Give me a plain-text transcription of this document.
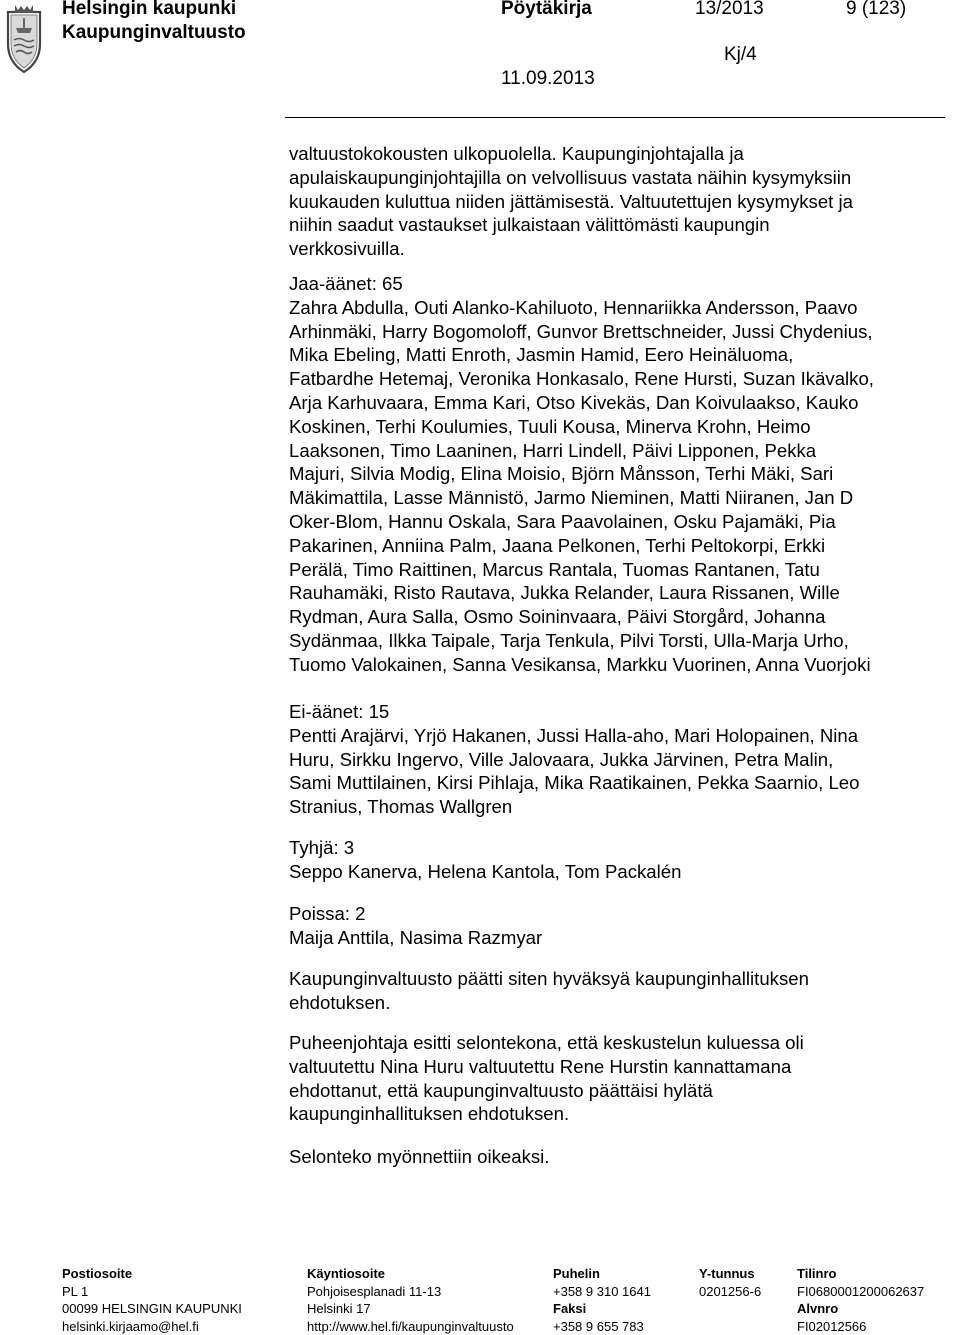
Helsingin kaupunki
Kaupunginvaltuusto
Pöytäkirja	13/2013	9 (123)
Kj/4
11.09.2013

valtuustokokousten ulkopuolella. Kaupunginjohtajalla ja

apulaiskaupunginjohtajilla on velvollisuus vastata näihin kysymyksiin

kuukauden kuluttua niiden jättämisestä. Valtuutettujen kysymykset ja

niihin saadut vastaukset julkaistaan välittömästi kaupungin

verkkosivuilla.

Jaa-äänet: 65

Zahra Abdulla, Outi Alanko-Kahiluoto, Hennariikka Andersson, Paavo

Arhinmäki, Harry Bogomoloff, Gunvor Brettschneider, Jussi Chydenius,

Mika Ebeling, Matti Enroth, Jasmin Hamid, Eero Heinäluoma,

Fatbardhe Hetemaj, Veronika Honkasalo, Rene Hursti, Suzan Ikävalko,

Arja Karhuvaara, Emma Kari, Otso Kivekäs, Dan Koivulaakso, Kauko

Koskinen, Terhi Koulumies, Tuuli Kousa, Minerva Krohn, Heimo

Laaksonen, Timo Laaninen, Harri Lindell, Päivi Lipponen, Pekka

Majuri, Silvia Modig, Elina Moisio, Björn Månsson, Terhi Mäki, Sari

Mäkimattila, Lasse Männistö, Jarmo Nieminen, Matti Niiranen, Jan D

Oker-Blom, Hannu Oskala, Sara Paavolainen, Osku Pajamäki, Pia

Pakarinen, Anniina Palm, Jaana Pelkonen, Terhi Peltokorpi, Erkki

Perälä, Timo Raittinen, Marcus Rantala, Tuomas Rantanen, Tatu

Rauhamäki, Risto Rautava, Jukka Relander, Laura Rissanen, Wille

Rydman, Aura Salla, Osmo Soininvaara, Päivi Storgård, Johanna

Sydänmaa, Ilkka Taipale, Tarja Tenkula, Pilvi Torsti, Ulla-Marja Urho,

Tuomo Valokainen, Sanna Vesikansa, Markku Vuorinen, Anna Vuorjoki

Ei-äänet: 15

Pentti Arajärvi, Yrjö Hakanen, Jussi Halla-aho, Mari Holopainen, Nina

Huru, Sirkku Ingervo, Ville Jalovaara, Jukka Järvinen, Petra Malin,

Sami Muttilainen, Kirsi Pihlaja, Mika Raatikainen, Pekka Saarnio, Leo

Stranius, Thomas Wallgren

Tyhjä: 3

Seppo Kanerva, Helena Kantola, Tom Packalén

Poissa: 2

Maija Anttila, Nasima Razmyar

Kaupunginvaltuusto päätti siten hyväksyä kaupunginhallituksen

ehdotuksen.

Puheenjohtaja esitti selontekona, että keskustelun kuluessa oli

valtuutettu Nina Huru valtuutettu Rene Hurstin kannattamana

ehdottanut, että kaupunginvaltuusto päättäisi hylätä

kaupunginhallituksen ehdotuksen.

Selonteko myönnettiin oikeaksi.

Postiosoite
PL 1
00099 HELSINGIN KAUPUNKI
helsinki.kirjaamo@hel.fi
Käyntiosoite
Pohjoisesplanadi 11-13
Helsinki 17
http://www.hel.fi/kaupunginvaltuusto
Puhelin
+358 9 310 1641
Faksi
+358 9 655 783
Y-tunnus
0201256-6
Tilinro
FI0680001200062637
Alvnro
FI02012566
